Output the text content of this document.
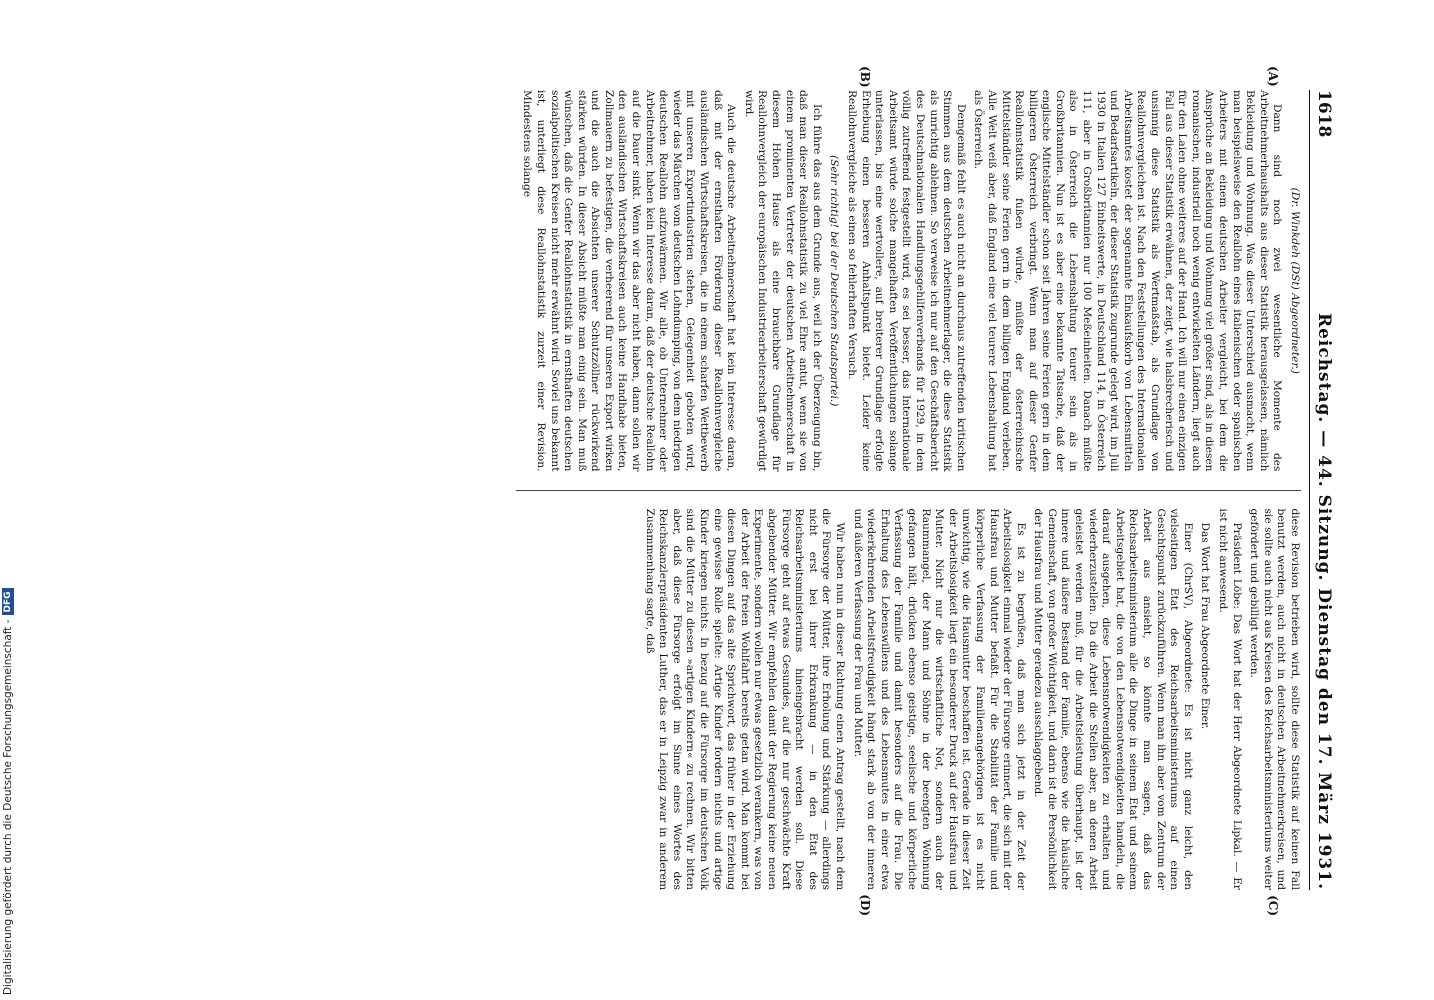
1618
Reichstag. — 44. Sitzung. Dienstag den 17. März 1931.
(A)
(B)

(Dr. Winkdeh (DSt) Abgeordneter.)

Dann sind noch zwei wesentliche Momente des Arbeitnehmerhaushalts aus dieser Statistik herausgelassen, nämlich Bekleidung und Wohnung. Was dieser Unterschied ausmacht, wenn man beispielsweise den Reallohn eines italienischen oder spanischen Arbeiters mit einem deutschen Arbeiter vergleicht, bei dem die Ansprüche an Bekleidung und Wohnung viel größer sind, als in diesen romanischen, industriell noch wenig entwickelten Ländern, liegt auch für den Laien ohne weiteres auf der Hand. Ich will nur einen einzigen Fall aus dieser Statistik erwähnen, der zeigt, wie halsbrecherisch und unsinnig diese Statistik als Wertmaßstab, als Grundlage von Reallohnvergleichen ist. Nach den Feststellungen des Internationalen Arbeitsamtes kostet der sogenannte Einkaufskorb von Lebensmitteln und Bedarfsartikeln, der dieser Statistik zugrunde gelegt wird, im Juli 1930 in Italien 127 Einheitswerte, in Deutschland 114, in Österreich 111, aber in Großbritannien nur 100 Meßeinheiten. Danach müßte also in Österreich die Lebenshaltung teurer sein als in Großbritannien. Nun ist es aber eine bekannte Tatsache, daß der englische Mittelständler schon seit Jahren seine Ferien gern in dem billigeren Österreich verbringt. Wenn man auf dieser Genfer Reallohnstatistik fußen würde, müßte der österreichische Mittelständler seine Ferien gern in dem billigen England verleben. Alle Welt weiß aber, daß England eine viel teurere Lebenshaltung hat als Österreich.

Demgemäß fehlt es auch nicht an durchaus zutreffenden kritischen Stimmen aus dem deutschen Arbeitnehmerlager, die diese Statistik als unrichtig ablehnen. So verweise ich nur auf den Geschäftsbericht des Deutschnationalen Handlungsgehilfenverbands für 1929, in dem völlig zutreffend festgestellt wird, es sei besser, das Internationale Arbeitsamt würde solche mangelhaften Veröffentlichungen solange unterlassen, bis eine wertvollere, auf breiterer Grundlage erfolgte Erhebung einen besseren Anhaltspunkt bietet. Leider keine Reallohnvergleiche als einen so fehlerhaften Versuch.

(Sehr richtig! bei der Deutschen Staatspartei.)

Ich führe das aus dem Grunde aus, weil ich der Überzeugung bin, daß man dieser Reallohnstatistik zu viel Ehre antut, wenn sie von einem prominenten Vertreter der deutschen Arbeitnehmerschaft in diesem Hohen Hause als eine brauchbare Grundlage für Reallohnvergleich der europäischen Industriearbeiterschaft gewürdigt wird.

Auch die deutsche Arbeitnehmerschaft hat kein Interesse daran, daß mit der ernsthaften Förderung dieser Reallohnvergleiche ausländischen Wirtschaftskreisen, die in einem scharfen Wettbewerb mit unseren Exportindustrien stehen, Gelegenheit geboten wird, wieder das Märchen vom deutschen Lohndumping, von dem niedrigen deutschen Reallohn aufzuwärmen. Wir alle, ob Unternehmer oder Arbeitnehmer, haben kein Interesse daran, daß der deutsche Reallohn auf die Dauer sinkt. Wenn wir das aber nicht haben, dann sollen wir den ausländischen Wirtschaftskreisen auch keine Handhabe bieten, Zollmauern zu befestigen, die verheerend für unseren Export wirken und die auch die Absichten unserer Schutzzöllner rückwirkend stärken würden. In dieser Absicht müßte man einig sein. Man muß wünschen, daß die Genfer Reallohnstatistik in ernsthaften deutschen sozialpolitischen Kreisen nicht mehr erwähnt wird. Soviel uns bekannt ist, unterliegt diese Reallohnstatistik zurzeit einer Revision. Mindestens solange

(C)
(D)

diese Revision betrieben wird, sollte diese Statistik auf keinen Fall benutzt werden, auch nicht in deutschen Arbeitnehmerkreisen, und sie sollte auch nicht aus Kreisen des Reichsarbeitsministeriums weiter gefördert und gebilligt werden.

Präsident Löbe: Das Wort hat der Herr Abgeordnete Lipkal. — Er ist nicht anwesend.

Das Wort hat Frau Abgeordnete Einer.

Einer (ChrSV), Abgeordnete: Es ist nicht ganz leicht, den vielseitigen Etat des Reichsarbeitsministeriums auf einen Gesichtspunkt zurückzuführen. Wenn man ihn aber vom Zentrum der Arbeit aus ansieht, so könnte man sagen, daß das Reichsarbeitsministerium alle die Dinge in seinem Etat und seinem Arbeitsgebiet hat, die von den Lebensnotwendigkeiten handeln, die darauf ausgehen, diese Lebensnotwendigkeiten zu erhalten und wiederherzustellen. Da die Arbeit die Stellen aber, an denen Arbeit geleistet werden muß, für die Arbeitsleistung überhaupt, ist der innere und äußere Bestand der Familie, ebenso wie die häusliche Gemeinschaft, von großer Wichtigkeit, und darin ist die Persönlichkeit der Hausfrau und Mutter geradezu ausschlaggebend.

Es ist zu begrüßen, daß man sich jetzt in der Zeit der Arbeitslosigkeit einmal wieder der Fürsorge erinnert, die sich mit der Hausfrau und Mutter befaßt. Für die Stabilität der Familie und körperliche Verfassung der Familienangehörigen ist es nicht unwichtig, wie die Hausmutter beschaffen ist. Gerade in dieser Zeit der Arbeitslosigkeit liegt ein besonderer Druck auf der Hausfrau und Mutter. Nicht nur die wirtschaftliche Not, sondern auch der Raummangel, der Mann und Söhne in der beengten Wohnung gefangen hält, drücken ebenso geistige, seelische und körperliche Verfassung der Familie und damit besonders auf die Frau. Die Erhaltung des Lebenswillens und des Lebensmutes in einer etwa wiederkehrenden Arbeitsfreudigkeit hängt stark ab von der inneren und äußeren Verfassung der Frau und Mutter.

Wir haben nun in dieser Richtung einen Antrag gestellt, nach dem die Fürsorge der Mütter, ihre Erholung und Stärkung — allerdings nicht erst bei ihrer Erkrankung — in den Etat des Reichsarbeitsministeriums hineingebracht werden soll. Diese Fürsorge geht auf etwas Gesundes, auf die nur geschwächte Kraft abgebender Mütter. Wir empfehlen damit der Regierung keine neuen Experimente, sondern wollen nur etwas gesetzlich verankern, was von der Arbeit der freien Wohlfahrt bereits getan wird. Man kommt bei diesen Dingen auf das alte Sprichwort, das früher in der Erziehung eine gewisse Rolle spielte: Artige Kinder fordern nichts und artige Kinder kriegen nichts. In bezug auf die Fürsorge im deutschen Volk sind die Mütter zu diesen »artigen Kindern« zu rechnen. Wir bitten aber, daß diese Fürsorge erfolgt im Sinne eines Wortes des Reichskanzlerpräsidenten Luther, das er in Leipzig zwar in anderem Zusammenhang sagte, daß

Digitalisierung gefördert durch die Deutsche Forschungsgemeinschaft -
DFG
